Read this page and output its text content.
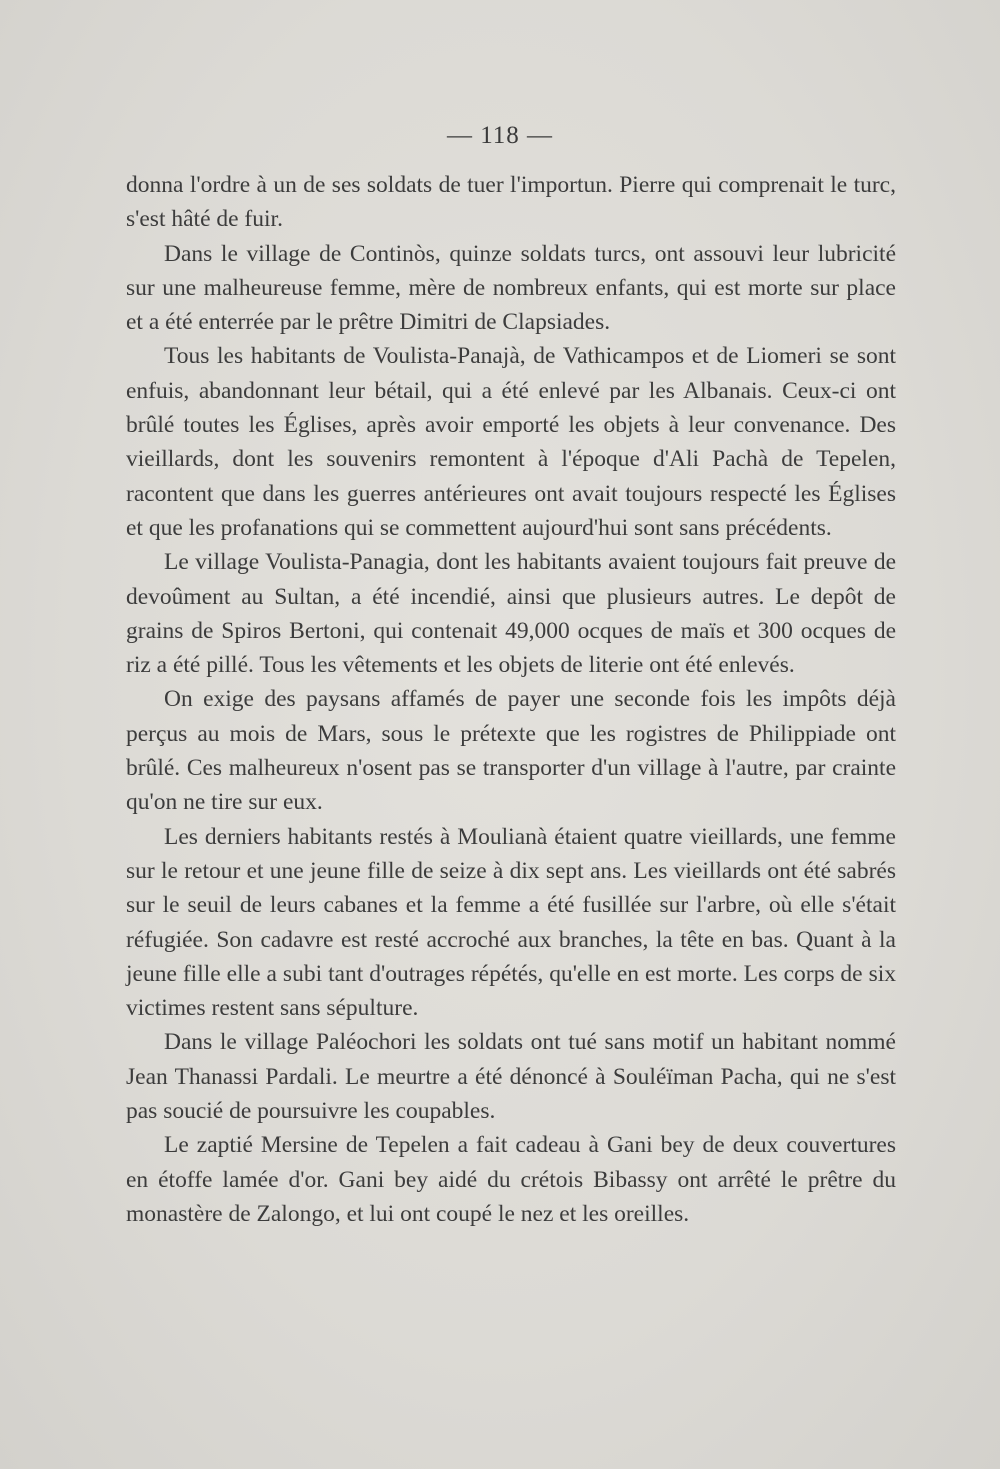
— 118 —

donna l'ordre à un de ses soldats de tuer l'importun. Pierre qui comprenait le turc, s'est hâté de fuir.

Dans le village de Continòs, quinze soldats turcs, ont assouvi leur lubricité sur une malheureuse femme, mère de nombreux enfants, qui est morte sur place et a été enterrée par le prêtre Dimitri de Clapsiades.

Tous les habitants de Voulista-Panajà, de Vathicampos et de Liomeri se sont enfuis, abandonnant leur bétail, qui a été enlevé par les Albanais. Ceux-ci ont brûlé toutes les Églises, après avoir emporté les objets à leur convenance. Des vieillards, dont les souvenirs remontent à l'époque d'Ali Pachà de Tepelen, racontent que dans les guerres antérieures ont avait toujours respecté les Églises et que les profanations qui se commettent aujourd'hui sont sans précédents.

Le village Voulista-Panagia, dont les habitants avaient toujours fait preuve de devoûment au Sultan, a été incendié, ainsi que plusieurs autres. Le depôt de grains de Spiros Bertoni, qui contenait 49,000 ocques de maïs et 300 ocques de riz a été pillé. Tous les vêtements et les objets de literie ont été enlevés.

On exige des paysans affamés de payer une seconde fois les impôts déjà perçus au mois de Mars, sous le prétexte que les rogistres de Philippiade ont brûlé. Ces malheureux n'osent pas se transporter d'un village à l'autre, par crainte qu'on ne tire sur eux.

Les derniers habitants restés à Moulianà étaient quatre vieillards, une femme sur le retour et une jeune fille de seize à dix sept ans. Les vieillards ont été sabrés sur le seuil de leurs cabanes et la femme a été fusillée sur l'arbre, où elle s'était réfugiée. Son cadavre est resté accroché aux branches, la tête en bas. Quant à la jeune fille elle a subi tant d'outrages répétés, qu'elle en est morte. Les corps de six victimes restent sans sépulture.

Dans le village Paléochori les soldats ont tué sans motif un habitant nommé Jean Thanassi Pardali. Le meurtre a été dénoncé à Souléïman Pacha, qui ne s'est pas soucié de poursuivre les coupables.

Le zaptié Mersine de Tepelen a fait cadeau à Gani bey de deux couvertures en étoffe lamée d'or. Gani bey aidé du crétois Bibassy ont arrêté le prêtre du monastère de Zalongo, et lui ont coupé le nez et les oreilles.
